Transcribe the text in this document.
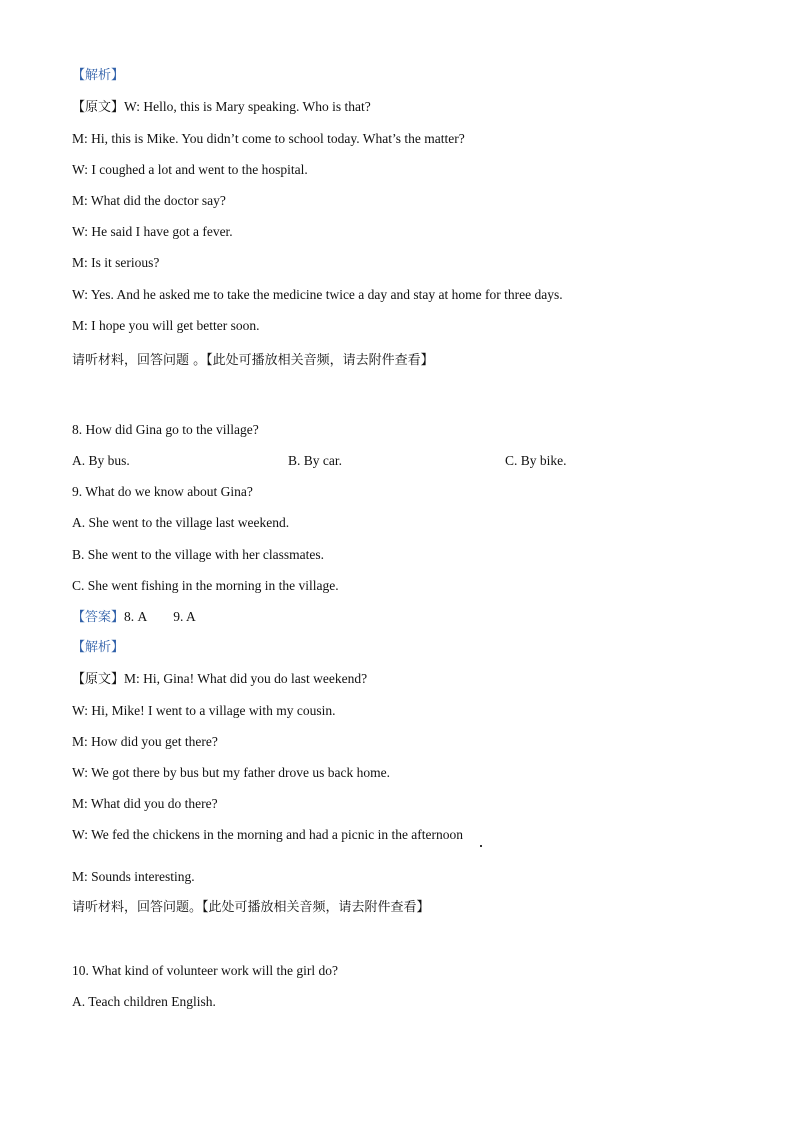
【解析】
【原文】W: Hello, this is Mary speaking. Who is that?
M: Hi, this is Mike. You didn’t come to school today. What’s the matter?
W: I coughed a lot and went to the hospital.
M: What did the doctor say?
W: He said I have got a fever.
M: Is it serious?
W: Yes. And he asked me to take the medicine twice a day and stay at home for three days.
M: I hope you will get better soon.
请听材料，回答问题 。【此处可播放相关音频，请去附件查看】
8. How did Gina go to the village?
A. By bus.	B. By car.	C. By bike.
9. What do we know about Gina?
A. She went to the village last weekend.
B. She went to the village with her classmates.
C. She went fishing in the morning in the village.
【答案】8. A 9. A
【解析】
【原文】M: Hi, Gina! What did you do last weekend?
W: Hi, Mike! I went to a village with my cousin.
M: How did you get there?
W: We got there by bus but my father drove us back home.
M: What did you do there?
W: We fed the chickens in the morning and had a picnic in the afternoon
M: Sounds interesting.
请听材料，回答问题。【此处可播放相关音频，请去附件查看】
10. What kind of volunteer work will the girl do?
A. Teach children English.
